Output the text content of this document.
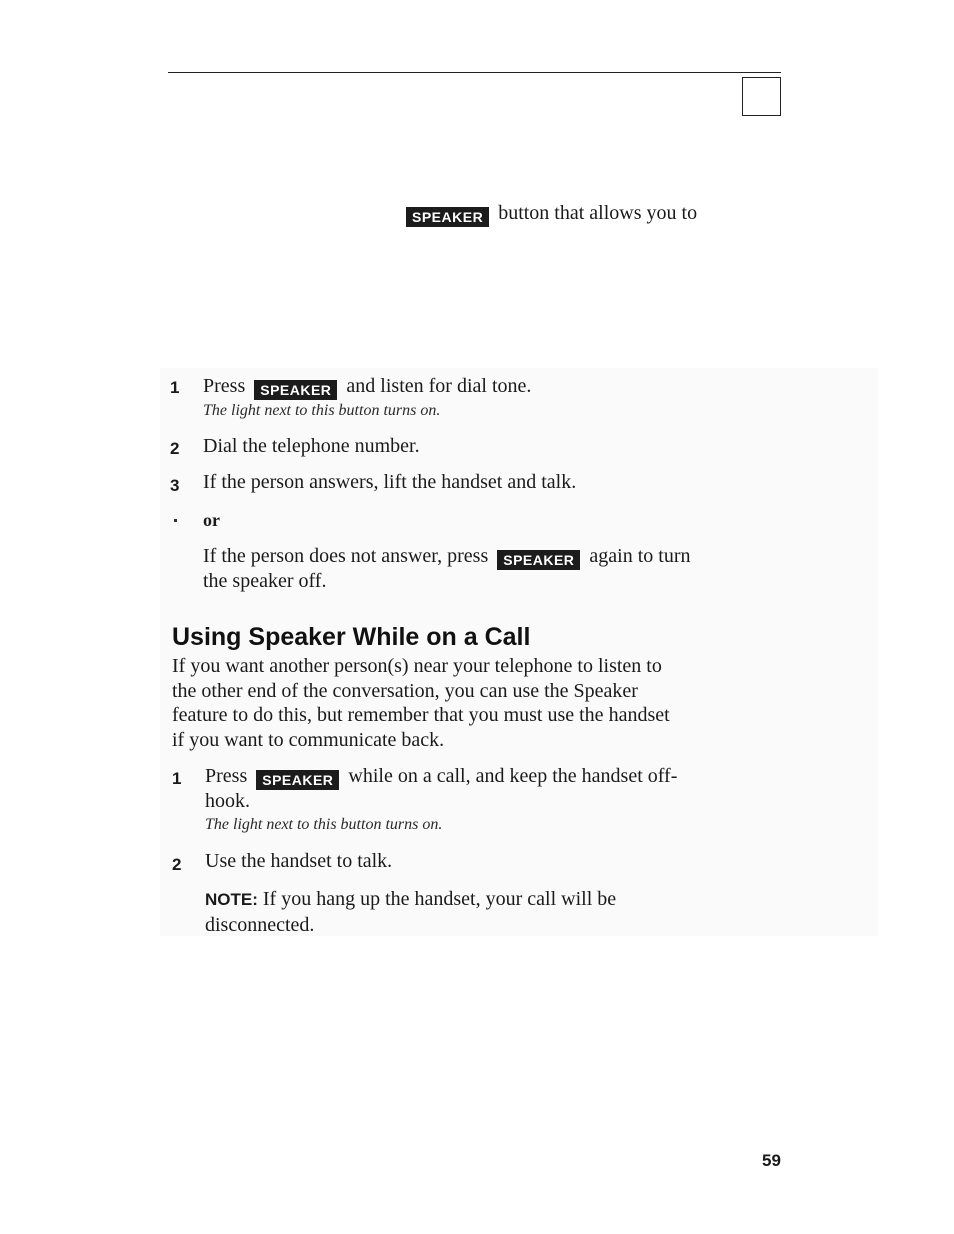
SPEAKER button that allows you to
1 Press SPEAKER and listen for dial tone.
The light next to this button turns on.
2 Dial the telephone number.
3 If the person answers, lift the handset and talk.
or
If the person does not answer, press SPEAKER again to turn
the speaker off.
Using Speaker While on a Call
If you want another person(s) near your telephone to listen to
the other end of the conversation, you can use the Speaker
feature to do this, but remember that you must use the handset
if you want to communicate back.
1 Press SPEAKER while on a call, and keep the handset off-
hook.
The light next to this button turns on.
2 Use the handset to talk.
NOTE: If you hang up the handset, your call will be
disconnected.
59
